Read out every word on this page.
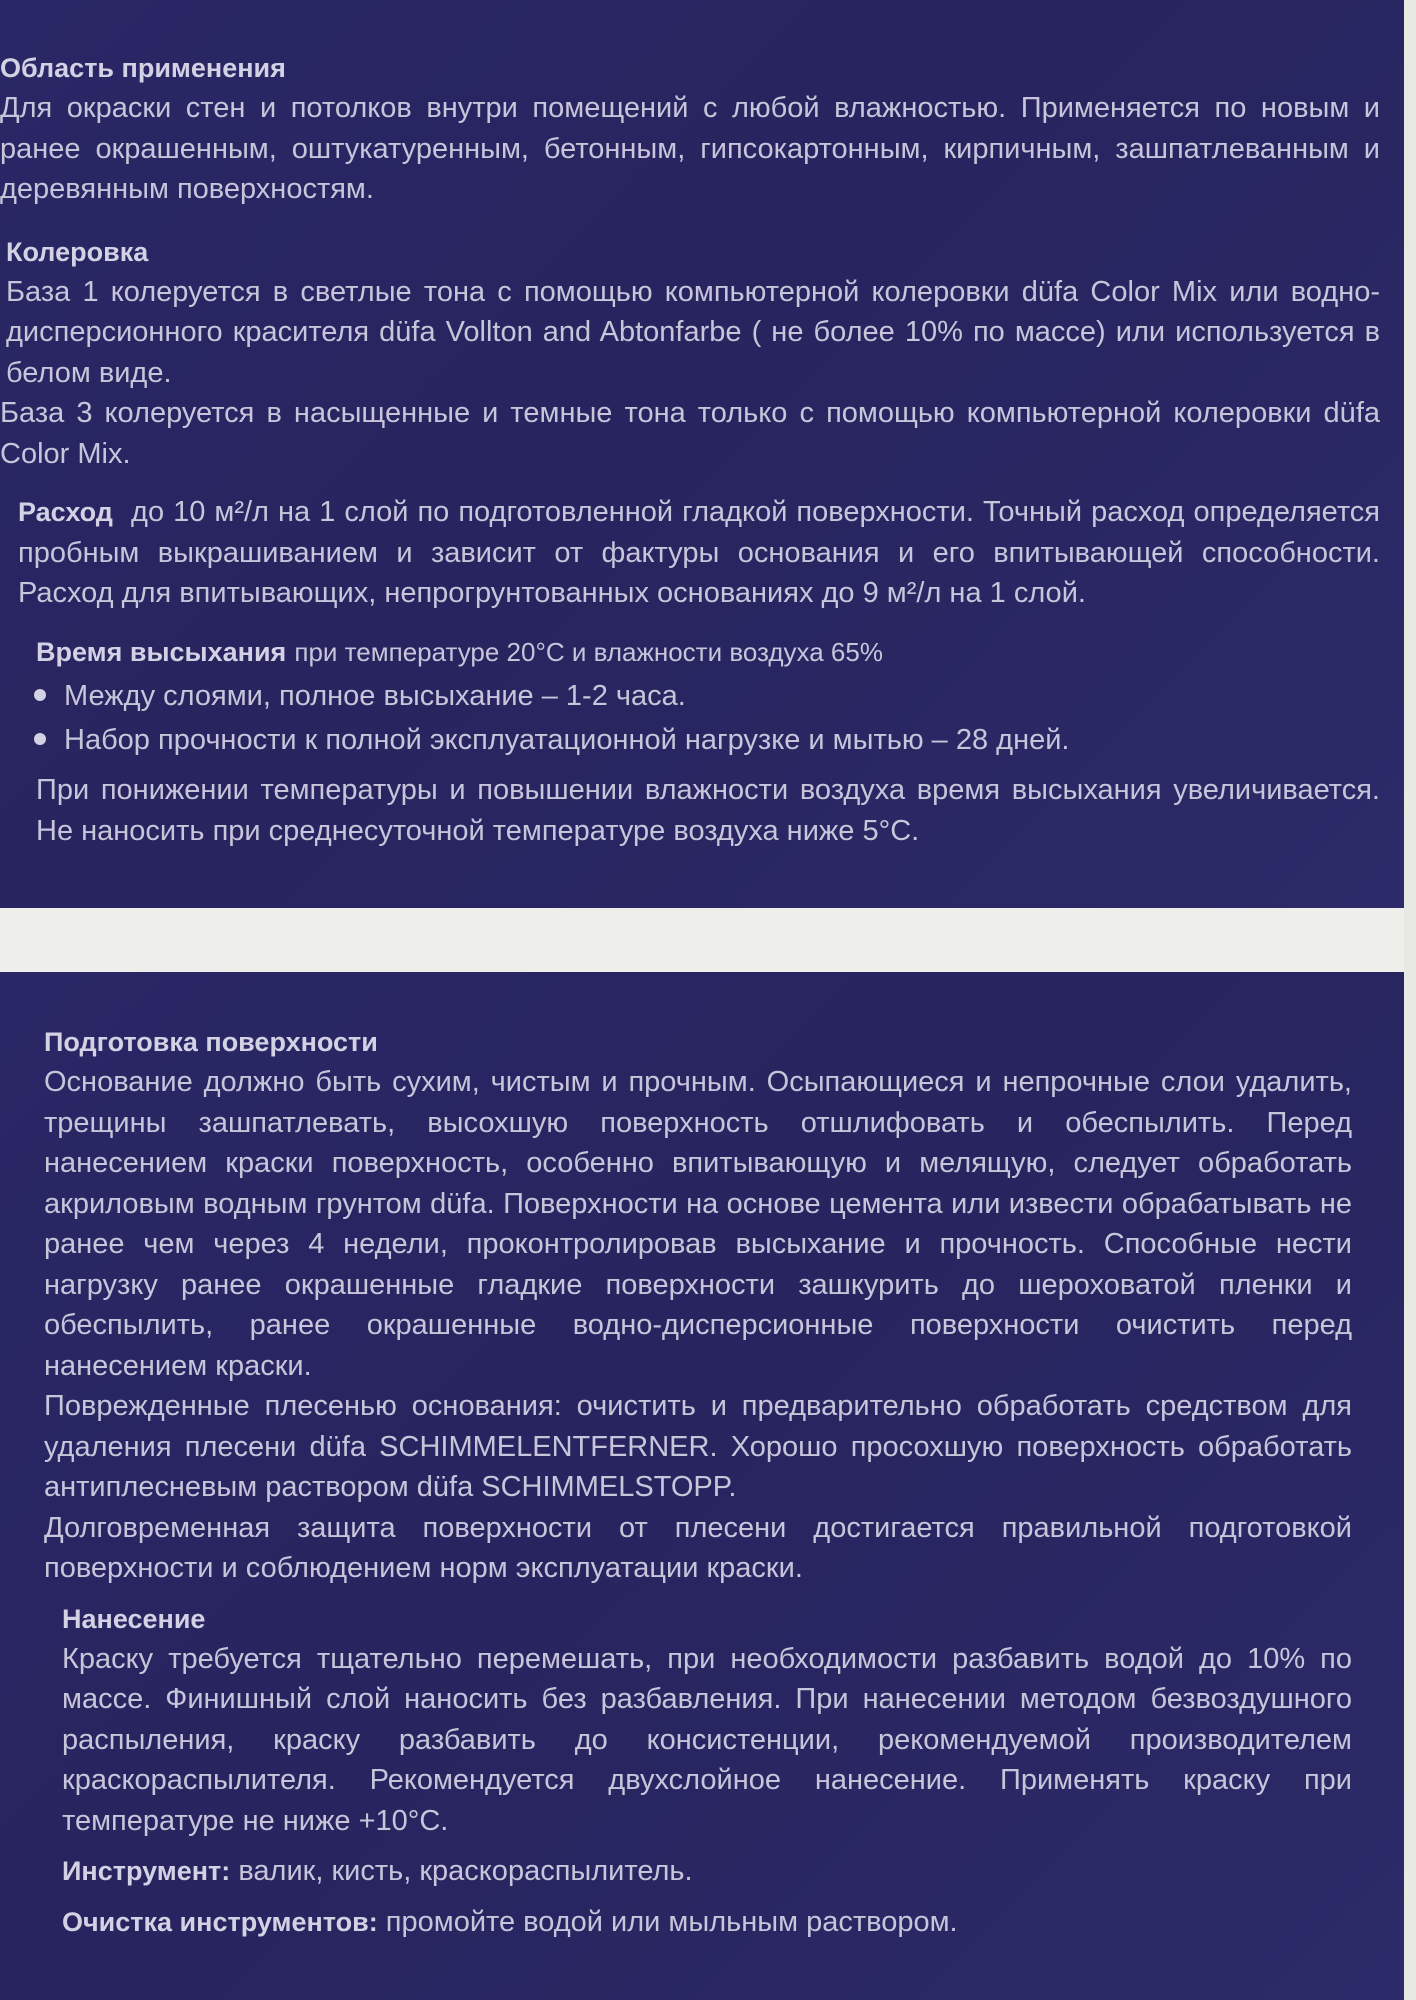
Область применения

Для окраски стен и потолков внутри помещений с любой влажностью. Применяется по новым и ранее окрашенным, оштукатуренным, бетонным, гипсокартонным, кирпичным, зашпатлеванным и деревянным поверхностям.

Колеровка

База 1 колеруется в светлые тона с помощью компьютерной колеровки düfa Color Mix или водно-дисперсионного красителя düfa Vollton and Abtonfarbe ( не более 10% по массе) или используется в белом виде.

База 3 колеруется в насыщенные и темные тона только с помощью компьютерной колеровки düfa Color Mix.

Расход до 10 м²/л на 1 слой по подготовленной гладкой поверхности. Точный расход определяется пробным выкрашиванием и зависит от фактуры основания и его впитывающей способности. Расход для впитывающих, непрогрунтованных основаниях до 9 м²/л на 1 слой.

Время высыхания при температуре 20°С и влажности воздуха 65%

Между слоями, полное высыхание – 1-2 часа.
Набор прочности к полной эксплуатационной нагрузке и мытью – 28 дней.

При понижении температуры и повышении влажности воздуха время высыхания увеличивается. Не наносить при среднесуточной температуре воздуха ниже 5°С.

Подготовка поверхности

Основание должно быть сухим, чистым и прочным. Осыпающиеся и непрочные слои удалить, трещины зашпатлевать, высохшую поверхность отшлифовать и обеспылить. Перед нанесением краски поверхность, особенно впитывающую и мелящую, следует обработать акриловым водным грунтом düfa. Поверхности на основе цемента или извести обрабатывать не ранее чем через 4 недели, проконтролировав высыхание и прочность. Способные нести нагрузку ранее окрашенные гладкие поверхности зашкурить до шероховатой пленки и обеспылить, ранее окрашенные водно-дисперсионные поверхности очистить перед нанесением краски.

Поврежденные плесенью основания: очистить и предварительно обработать средством для удаления плесени düfa SCHIMMELENTFERNER. Хорошо просохшую поверхность обработать антиплесневым раствором düfa SCHIMMELSTOPP.

Долговременная защита поверхности от плесени достигается правильной подготовкой поверхности и соблюдением норм эксплуатации краски.

Нанесение

Краску требуется тщательно перемешать, при необходимости разбавить водой до 10% по массе. Финишный слой наносить без разбавления. При нанесении методом безвоздушного распыления, краску разбавить до консистенции, рекомендуемой производителем краскораспылителя. Рекомендуется двухслойное нанесение. Применять краску при температуре не ниже +10°С.

Инструмент: валик, кисть, краскораспылитель.

Очистка инструментов: промойте водой или мыльным раствором.
